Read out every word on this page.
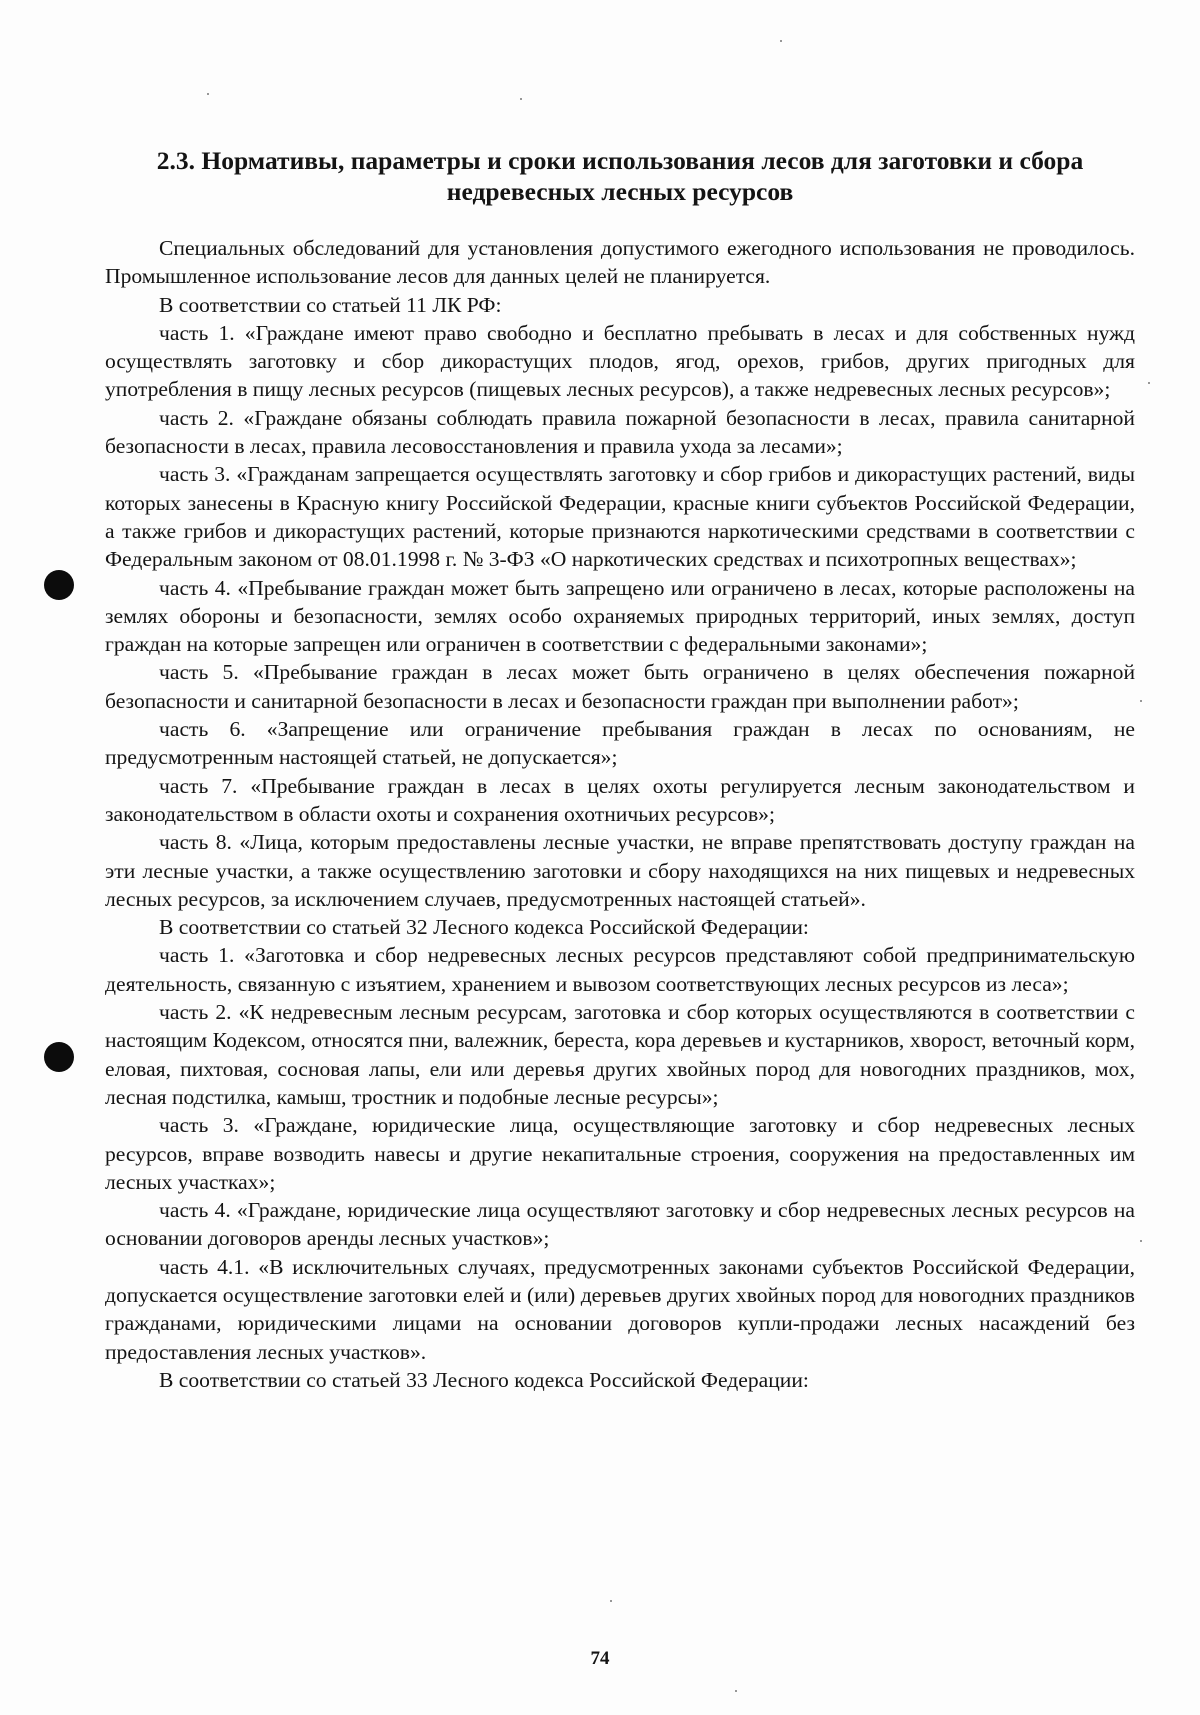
2.3. Нормативы, параметры и сроки использования лесов для заготовки и сбора
недревесных лесных ресурсов

Специальных обследований для установления допустимого ежегодного использования не проводилось. Промышленное использование лесов для данных целей не планируется.

В соответствии со статьей 11 ЛК РФ:

часть 1. «Граждане имеют право свободно и бесплатно пребывать в лесах и для собственных нужд осуществлять заготовку и сбор дикорастущих плодов, ягод, орехов, грибов, других пригодных для употребления в пищу лесных ресурсов (пищевых лесных ресурсов), а также недревесных лесных ресурсов»;

часть 2. «Граждане обязаны соблюдать правила пожарной безопасности в лесах, правила санитарной безопасности в лесах, правила лесовосстановления и правила ухода за лесами»;

часть 3. «Гражданам запрещается осуществлять заготовку и сбор грибов и дикорастущих растений, виды которых занесены в Красную книгу Российской Федерации, красные книги субъектов Российской Федерации, а также грибов и дикорастущих растений, которые признаются наркотическими средствами в соответствии с Федеральным законом от 08.01.1998 г. № 3-ФЗ «О наркотических средствах и психотропных веществах»;

часть 4. «Пребывание граждан может быть запрещено или ограничено в лесах, которые расположены на землях обороны и безопасности, землях особо охраняемых природных территорий, иных землях, доступ граждан на которые запрещен или ограничен в соответствии с федеральными законами»;

часть 5. «Пребывание граждан в лесах может быть ограничено в целях обеспечения пожарной безопасности и санитарной безопасности в лесах и безопасности граждан при выполнении работ»;

часть 6. «Запрещение или ограничение пребывания граждан в лесах по основаниям, не предусмотренным настоящей статьей, не допускается»;

часть 7. «Пребывание граждан в лесах в целях охоты регулируется лесным законодательством и законодательством в области охоты и сохранения охотничьих ресурсов»;

часть 8. «Лица, которым предоставлены лесные участки, не вправе препятствовать доступу граждан на эти лесные участки, а также осуществлению заготовки и сбору находящихся на них пищевых и недревесных лесных ресурсов, за исключением случаев, предусмотренных настоящей статьей».

В соответствии со статьей 32 Лесного кодекса Российской Федерации:

часть 1. «Заготовка и сбор недревесных лесных ресурсов представляют собой предпринимательскую деятельность, связанную с изъятием, хранением и вывозом соответствующих лесных ресурсов из леса»;

часть 2. «К недревесным лесным ресурсам, заготовка и сбор которых осуществляются в соответствии с настоящим Кодексом, относятся пни, валежник, береста, кора деревьев и кустарников, хворост, веточный корм, еловая, пихтовая, сосновая лапы, ели или деревья других хвойных пород для новогодних праздников, мох, лесная подстилка, камыш, тростник и подобные лесные ресурсы»;

часть 3. «Граждане, юридические лица, осуществляющие заготовку и сбор недревесных лесных ресурсов, вправе возводить навесы и другие некапитальные строения, сооружения на предоставленных им лесных участках»;

часть 4. «Граждане, юридические лица осуществляют заготовку и сбор недревесных лесных ресурсов на основании договоров аренды лесных участков»;

часть 4.1. «В исключительных случаях, предусмотренных законами субъектов Российской Федерации, допускается осуществление заготовки елей и (или) деревьев других хвойных пород для новогодних праздников гражданами, юридическими лицами на основании договоров купли-продажи лесных насаждений без предоставления лесных участков».

В соответствии со статьей 33 Лесного кодекса Российской Федерации:

74
